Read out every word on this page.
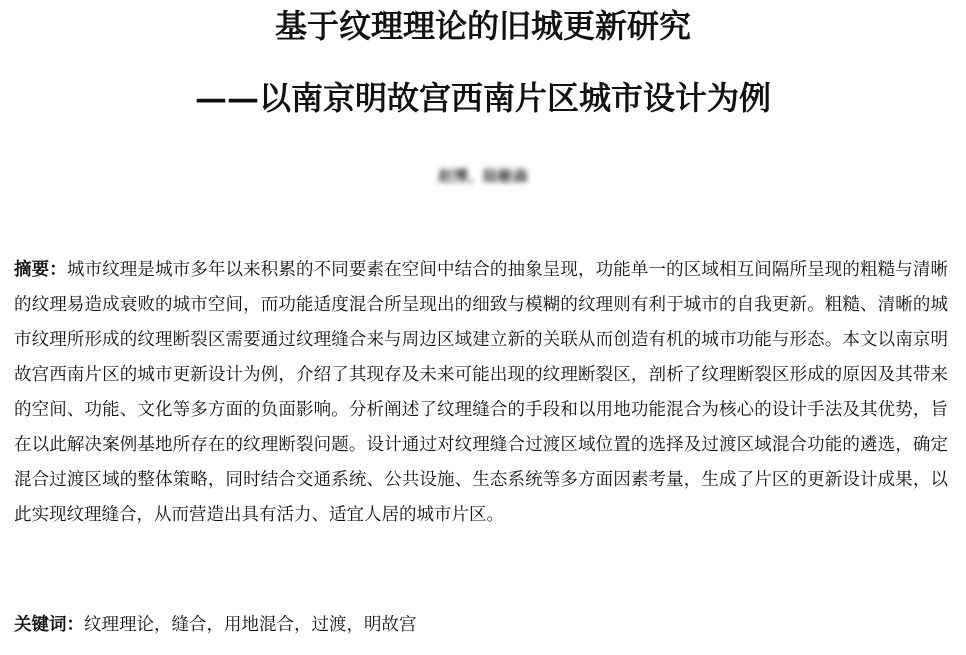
基于纹理理论的旧城更新研究
——以南京明故宫西南片区城市设计为例
赵博，陆敏森
摘要：城市纹理是城市多年以来积累的不同要素在空间中结合的抽象呈现，功能单一的区域相互间隔所呈现的粗糙与清晰的纹理易造成衰败的城市空间，而功能适度混合所呈现出的细致与模糊的纹理则有利于城市的自我更新。粗糙、清晰的城市纹理所形成的纹理断裂区需要通过纹理缝合来与周边区域建立新的关联从而创造有机的城市功能与形态。本文以南京明故宫西南片区的城市更新设计为例，介绍了其现存及未来可能出现的纹理断裂区，剖析了纹理断裂区形成的原因及其带来的空间、功能、文化等多方面的负面影响。分析阐述了纹理缝合的手段和以用地功能混合为核心的设计手法及其优势，旨在以此解决案例基地所存在的纹理断裂问题。设计通过对纹理缝合过渡区域位置的选择及过渡区域混合功能的遴选，确定混合过渡区域的整体策略，同时结合交通系统、公共设施、生态系统等多方面因素考量，生成了片区的更新设计成果，以此实现纹理缝合，从而营造出具有活力、适宜人居的城市片区。
关键词：纹理理论，缝合，用地混合，过渡，明故宫
